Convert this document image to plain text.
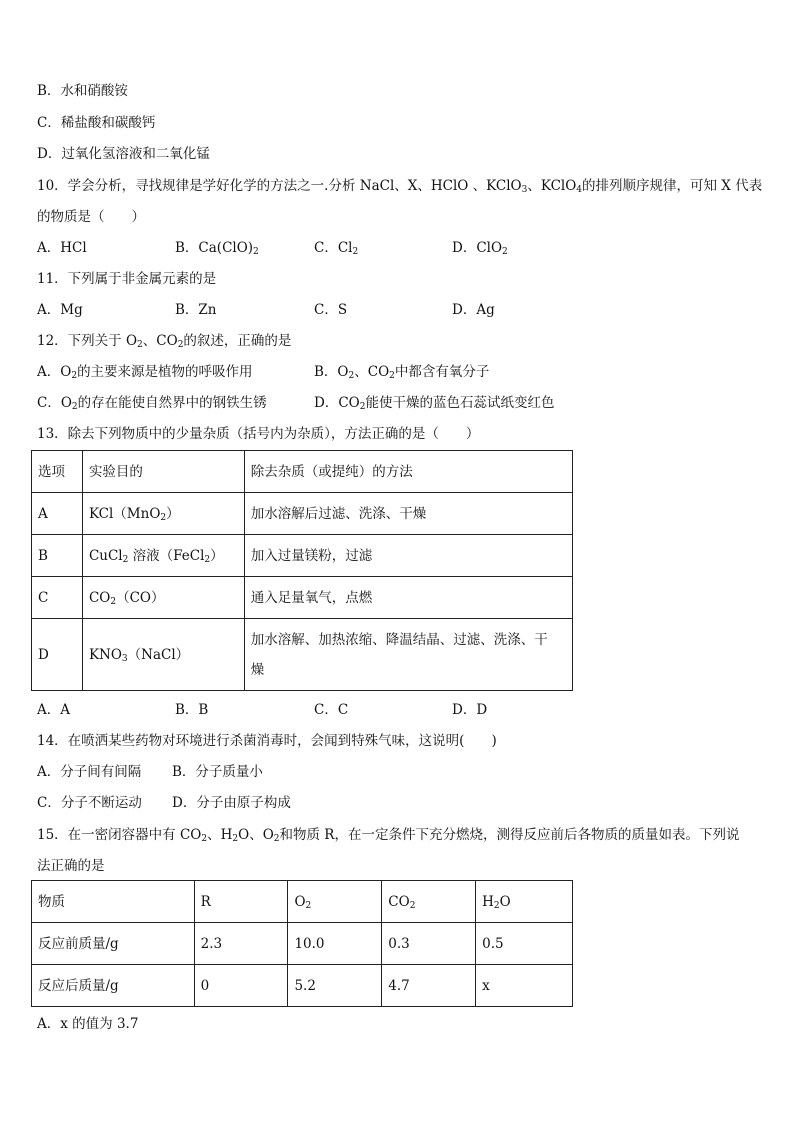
B．水和硝酸铵
C．稀盐酸和碳酸钙
D．过氧化氢溶液和二氧化锰
10．学会分析，寻找规律是学好化学的方法之一.分析 NaCl、X、HClO 、KClO$_3$、KClO$_4$的排列顺序规律，可知 X 代表
的物质是（　　）
A．HCl	B．$Ca(ClO)_2$	C．$Cl_2$	D．ClO$_2$
11．下列属于非金属元素的是
A．Mg	B．Zn	C．S	D．Ag
12．下列关于 $O_2$、$CO_2$的叙述，正确的是
A．$O_2$的主要来源是植物的呼吸作用	B．$O_2$、$CO_2$中都含有氧分子
C．$O_2$的存在能使自然界中的钢铁生锈	D．$CO_2$能使干燥的蓝色石蕊试纸变红色
13．除去下列物质中的少量杂质（括号内为杂质），方法正确的是（　　）
选项	实验目的	除去杂质（或提纯）的方法
A	KCl（MnO$_2$）	加水溶解后过滤、洗涤、干燥
B	CuCl$_2$ 溶液（FeCl$_2$）	加入过量镁粉，过滤
C	$CO_2(CO)$	通入足量氧气，点燃
D	$KNO_3(NaCl)$	加水溶解、加热浓缩、降温结晶、过滤、洗涤、干
燥
A．A	B．B	C．C	D．D
14．在喷洒某些药物对环境进行杀菌消毒时，会闻到特殊气味，这说明(　　)
A．分子间有间隔 B．分子质量小
C．分子不断运动 D．分子由原子构成
15．在一密闭容器中有 $CO_2$、$H_2O$、$O_2$和物质 R，在一定条件下充分燃烧，测得反应前后各物质的质量如表。下列说
法正确的是
物质	R	$O_2$	$CO_2$	$H_2O$
反应前质量/g	2.3	10.0	0.3	0.5
反应后质量/g	0	5.2	4.7	x
A．x 的值为 3.7
